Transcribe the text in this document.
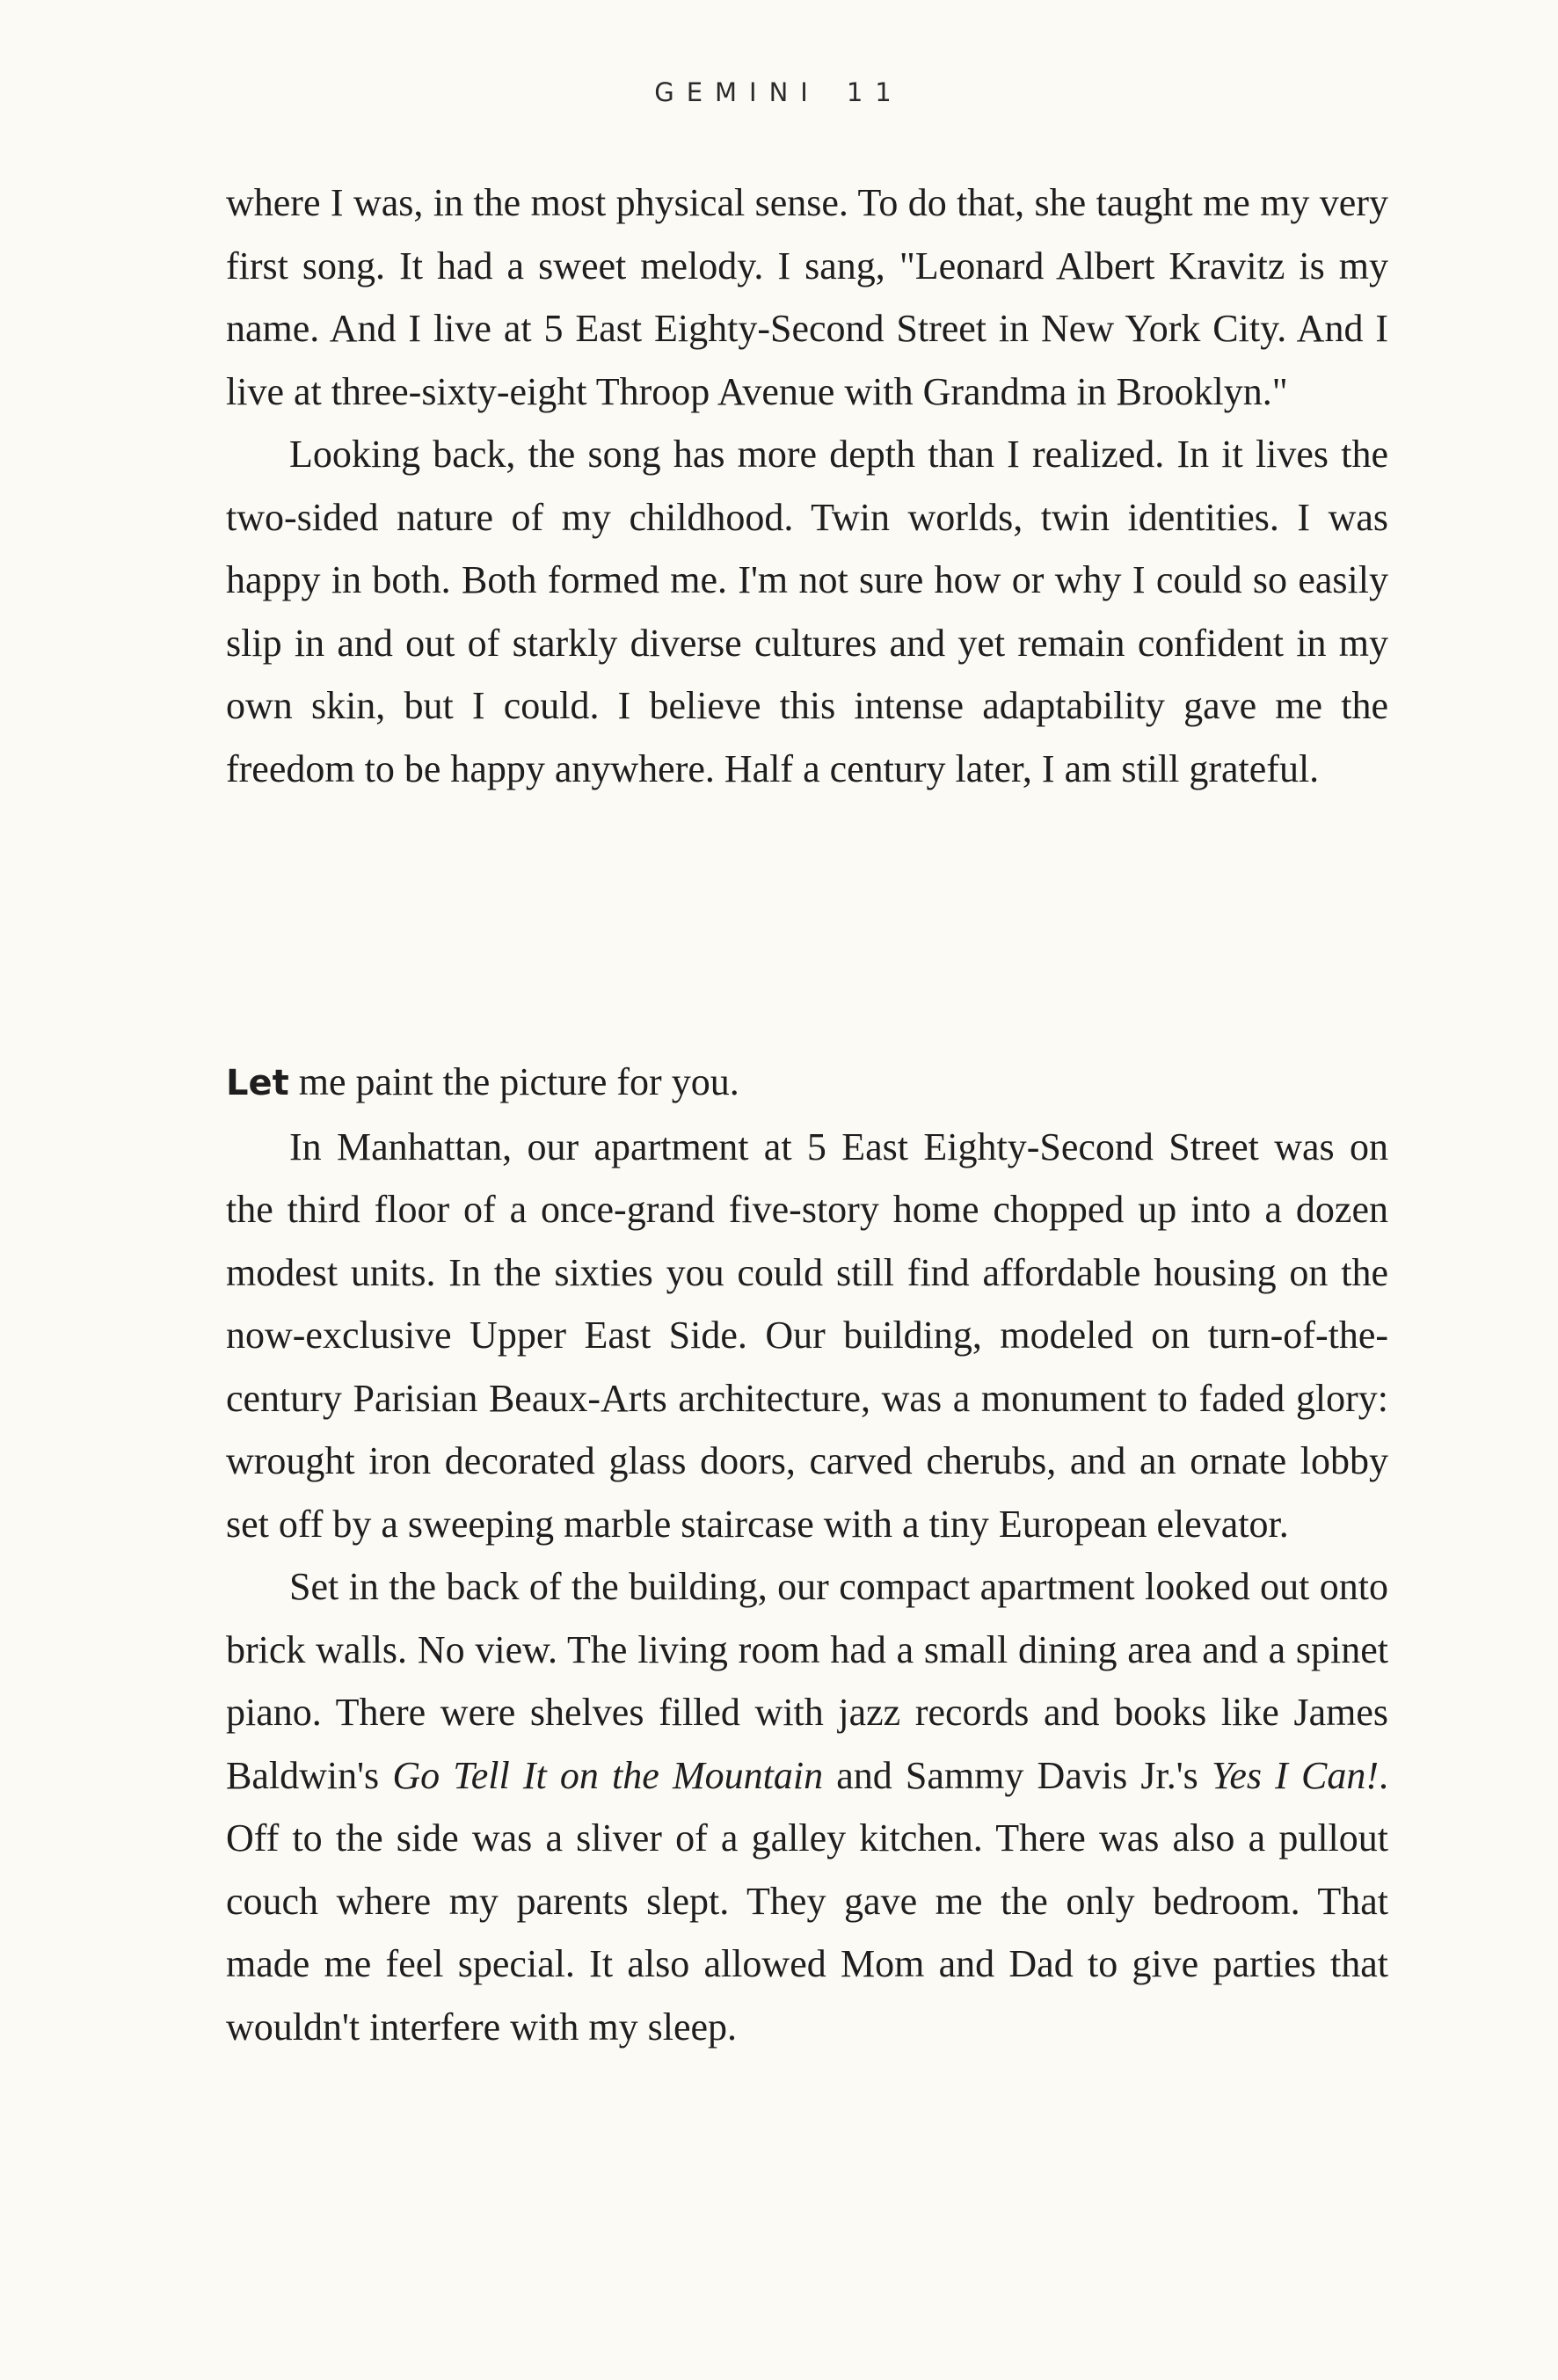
GEMINI 11

where I was, in the most physical sense. To do that, she taught me my very first song. It had a sweet melody. I sang, "Leonard Albert Kravitz is my name. And I live at 5 East Eighty-Second Street in New York City. And I live at three-sixty-eight Throop Avenue with Grandma in Brooklyn."

Looking back, the song has more depth than I realized. In it lives the two-sided nature of my childhood. Twin worlds, twin identities. I was happy in both. Both formed me. I'm not sure how or why I could so easily slip in and out of starkly diverse cultures and yet remain confident in my own skin, but I could. I believe this intense adaptability gave me the freedom to be happy anywhere. Half a century later, I am still grateful.

Let me paint the picture for you.

In Manhattan, our apartment at 5 East Eighty-Second Street was on the third floor of a once-grand five-story home chopped up into a dozen modest units. In the sixties you could still find affordable housing on the now-exclusive Upper East Side. Our building, modeled on turn-of-the-century Parisian Beaux-Arts architecture, was a monument to faded glory: wrought iron decorated glass doors, carved cherubs, and an ornate lobby set off by a sweeping marble staircase with a tiny European elevator.

Set in the back of the building, our compact apartment looked out onto brick walls. No view. The living room had a small dining area and a spinet piano. There were shelves filled with jazz records and books like James Baldwin's Go Tell It on the Mountain and Sammy Davis Jr.'s Yes I Can!. Off to the side was a sliver of a galley kitchen. There was also a pullout couch where my parents slept. They gave me the only bedroom. That made me feel special. It also allowed Mom and Dad to give parties that wouldn't interfere with my sleep.
